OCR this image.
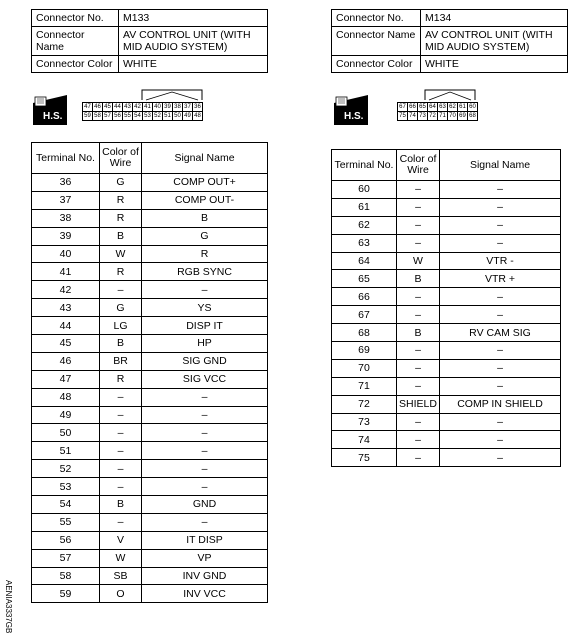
Connector No.	M133
Connector Name	AV CONTROL UNIT (WITH MID AUDIO SYSTEM)
Connector Color	WHITE
Connector No.	M134
Connector Name	AV CONTROL UNIT (WITH MID AUDIO SYSTEM)
Connector Color	WHITE
H.S.
47	46	45	44	43	42	41	40	39	38	37	36
59	58	57	56	55	54	53	52	51	50	49	48	H.S.
67	66	65	64	63	62	61	60
75	74	73	72	71	70	69	68
Terminal No.	Color of Wire	Signal Name
36	G	COMP OUT+
37	R	COMP OUT-
38	R	B
39	B	G
40	W	R
41	R	RGB SYNC
42	–	–
43	G	YS
44	LG	DISP IT
45	B	HP
46	BR	SIG GND
47	R	SIG VCC
48	–	–
49	–	–
50	–	–
51	–	–
52	–	–
53	–	–
54	B	GND
55	–	–
56	V	IT DISP
57	W	VP
58	SB	INV GND
59	O	INV VCC
Terminal No.	Color of Wire	Signal Name
60	–	–
61	–	–
62	–	–
63	–	–
64	W	VTR -
65	B	VTR +
66	–	–
67	–	–
68	B	RV CAM SIG
69	–	–
70	–	–
71	–	–
72	SHIELD	COMP IN SHIELD
73	–	–
74	–	–
75	–	–
AENIA3337GB
